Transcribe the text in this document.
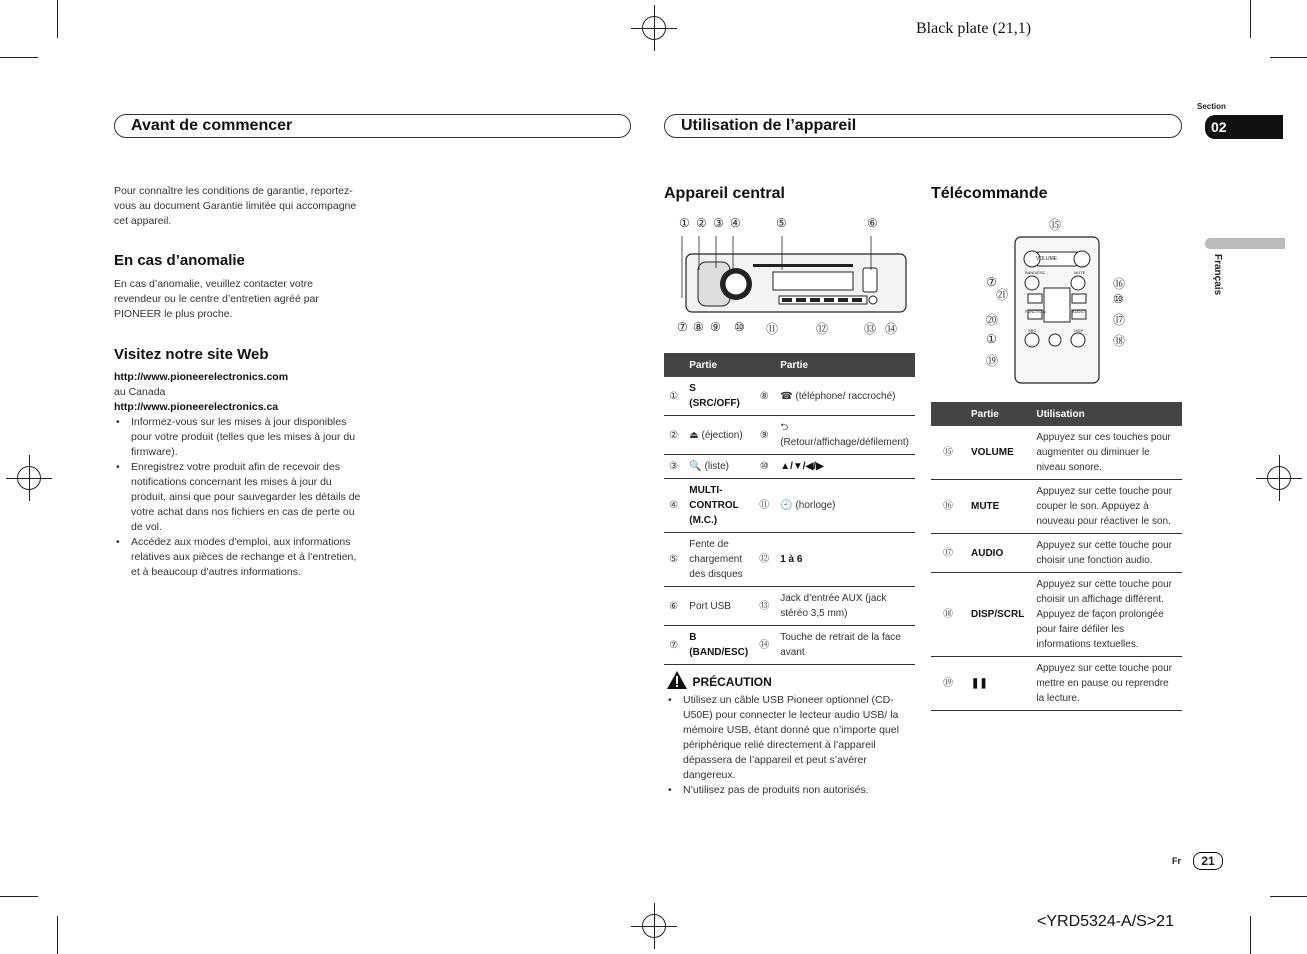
Black plate (21,1)
<YRD5324-A/S>21
Section
02
Français
Avant de commencer	Utilisation de l’appareil
Pour connaître les conditions de garantie, reportez-vous au document Garantie limitée qui accompagne cet appareil.
En cas d’anomalie
En cas d’anomalie, veuillez contacter votre revendeur ou le centre d’entretien agréé par PIONEER le plus proche.
Visitez notre site Web
http://www.pioneerelectronics.com
au Canada
http://www.pioneerelectronics.ca
• Informez-vous sur les mises à jour disponibles pour votre produit (telles que les mises à jour du firmware).
• Enregistrez votre produit afin de recevoir des notifications concernant les mises à jour du produit, ainsi que pour sauvegarder les détails de votre achat dans nos fichiers en cas de perte ou de vol.
• Accédez aux modes d’emploi, aux informations relatives aux pièces de rechange et à l’entretien, et à beaucoup d’autres informations.
Appareil central
① ② ③ ④	⑤	⑥
⑦ ⑧ ⑨ ⑩ ⑪	⑫	⑬ ⑭
	Partie		Partie
①	S (SRC/OFF)	⑧	☎ (téléphone/ raccroché)
②	⏏ (éjection)	⑨	⮌ (Retour/affichage/défilement)
③	🔍 (liste)	⑩	▲/▼/◀/▶
④	MULTI-CONTROL (M.C.)	⑪	🕘 (horloge)
⑤	Fente de chargement des disques	⑫	1 à 6
⑥	Port USB	⑬	Jack d’entrée AUX (jack stéréo 3,5 mm)
⑦	B (BAND/ESC)	⑭	Touche de retrait de la face avant
PRÉCAUTION
• Utilisez un câble USB Pioneer optionnel (CD-U50E) pour connecter le lecteur audio USB/ la mémoire USB, étant donné que n’importe quel périphérique relié directement à l’appareil dépassera de l’appareil et peut s’avérer dangereux.
• N’utilisez pas de produits non autorisés.
Télécommande
VOLUME
BAND/ESC	MUTE
FUNCTION	AUDIO
SRC	DISP
⑮
⑦
㉑
⑯
⑩
⑳	⑰
①	⑱
⑲
	Partie	Utilisation
⑮	VOLUME	Appuyez sur ces touches pour augmenter ou diminuer le niveau sonore.
⑯	MUTE	Appuyez sur cette touche pour couper le son. Appuyez à nouveau pour réactiver le son.
⑰	AUDIO	Appuyez sur cette touche pour choisir une fonction audio.
⑱	DISP/SCRL	Appuyez sur cette touche pour choisir un affichage différent. Appuyez de façon prolongée pour faire défiler les informations textuelles.
⑲	❚❚	Appuyez sur cette touche pour mettre en pause ou reprendre la lecture.
Fr	21
